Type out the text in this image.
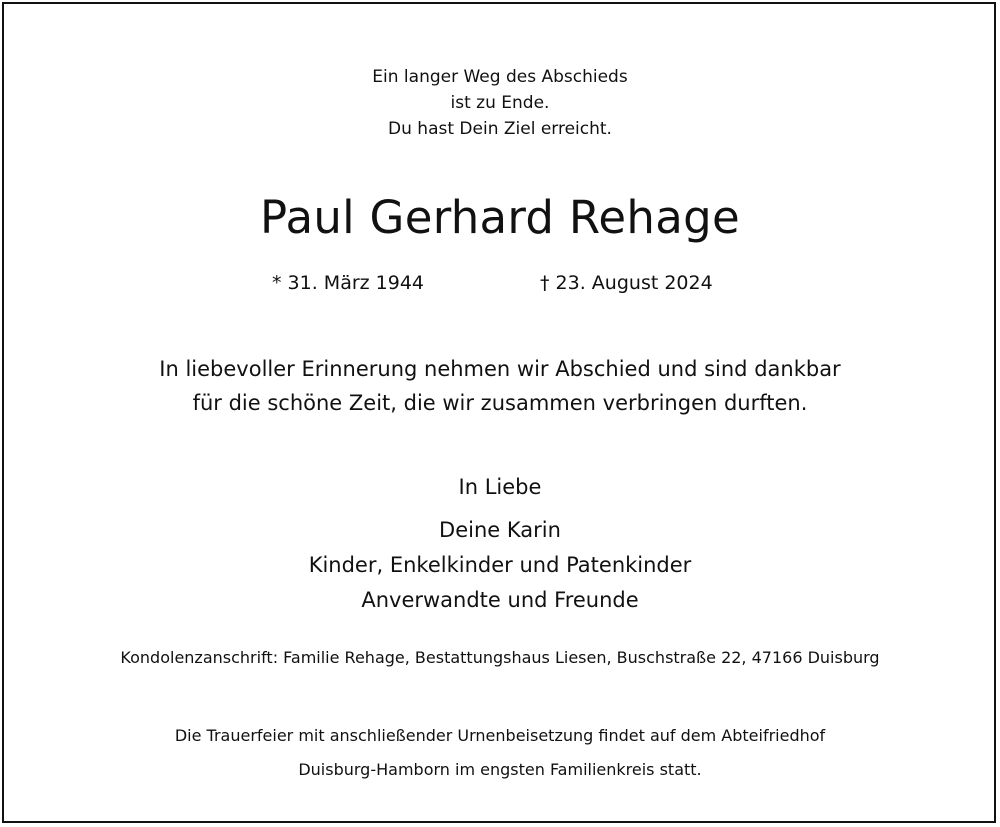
Ein langer Weg des Abschieds
ist zu Ende.
Du hast Dein Ziel erreicht.
Paul Gerhard Rehage
* 31. März 1944	† 23. August 2024
In liebevoller Erinnerung nehmen wir Abschied und sind dankbar
für die schöne Zeit, die wir zusammen verbringen durften.
In Liebe
Deine Karin
Kinder, Enkelkinder und Patenkinder
Anverwandte und Freunde
Kondolenzanschrift: Familie Rehage, Bestattungshaus Liesen, Buschstraße 22, 47166 Duisburg
Die Trauerfeier mit anschließender Urnenbeisetzung findet auf dem Abteifriedhof
Duisburg-Hamborn im engsten Familienkreis statt.
